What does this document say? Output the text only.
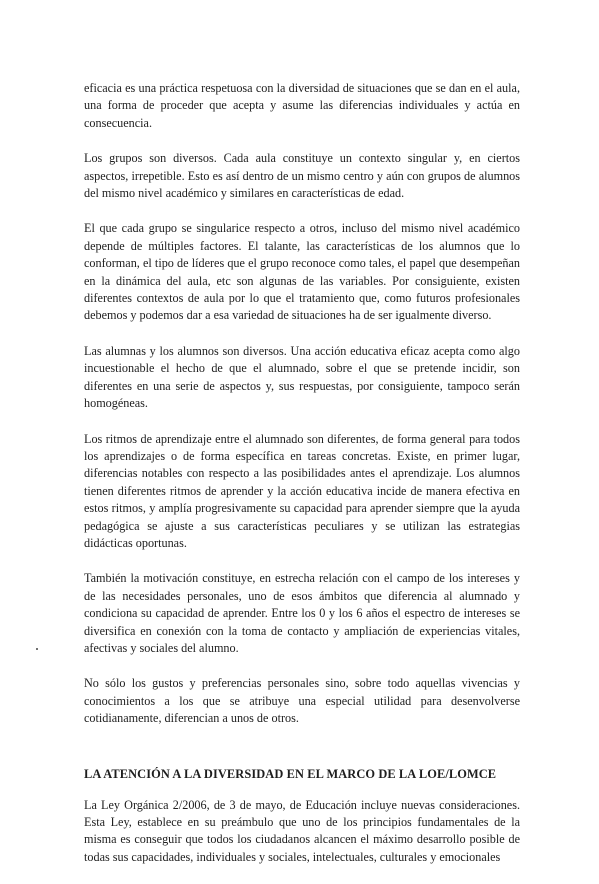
eficacia es una práctica respetuosa con la diversidad de situaciones que se dan en el aula, una forma de proceder que acepta y asume las diferencias individuales y actúa en consecuencia.

Los grupos son diversos. Cada aula constituye un contexto singular y, en ciertos aspectos, irrepetible. Esto es así dentro de un mismo centro y aún con grupos de alumnos del mismo nivel académico y similares en características de edad.

El que cada grupo se singularice respecto a otros, incluso del mismo nivel académico depende de múltiples factores. El talante, las características de los alumnos que lo conforman, el tipo de líderes que el grupo reconoce como tales, el papel que desempeñan en la dinámica del aula, etc son algunas de las variables. Por consiguiente, existen diferentes contextos de aula por lo que el tratamiento que, como futuros profesionales debemos y podemos dar a esa variedad de situaciones ha de ser igualmente diverso.

Las alumnas y los alumnos son diversos. Una acción educativa eficaz acepta como algo incuestionable el hecho de que el alumnado, sobre el que se pretende incidir, son diferentes en una serie de aspectos y, sus respuestas, por consiguiente, tampoco serán homogéneas.

Los ritmos de aprendizaje entre el alumnado son diferentes, de forma general para todos los aprendizajes o de forma específica en tareas concretas. Existe, en primer lugar, diferencias notables con respecto a las posibilidades antes el aprendizaje. Los alumnos tienen diferentes ritmos de aprender y la acción educativa incide de manera efectiva en estos ritmos, y amplía progresivamente su capacidad para aprender siempre que la ayuda pedagógica se ajuste a sus características peculiares y se utilizan las estrategias didácticas oportunas.

También la motivación constituye, en estrecha relación con el campo de los intereses y de las necesidades personales, uno de esos ámbitos que diferencia al alumnado y condiciona su capacidad de aprender. Entre los 0 y los 6 años el espectro de intereses se diversifica en conexión con la toma de contacto y ampliación de experiencias vitales, afectivas y sociales del alumno.

No sólo los gustos y preferencias personales sino, sobre todo aquellas vivencias y conocimientos a los que se atribuye una especial utilidad para desenvolverse cotidianamente, diferencian a unos de otros.

LA ATENCIÓN A LA DIVERSIDAD EN EL MARCO DE LA LOE/LOMCE

La Ley Orgánica 2/2006, de 3 de mayo, de Educación incluye nuevas consideraciones. Esta Ley, establece en su preámbulo que uno de los principios fundamentales de la misma es conseguir que todos los ciudadanos alcancen el máximo desarrollo posible de todas sus capacidades, individuales y sociales, intelectuales, culturales y emocionales
